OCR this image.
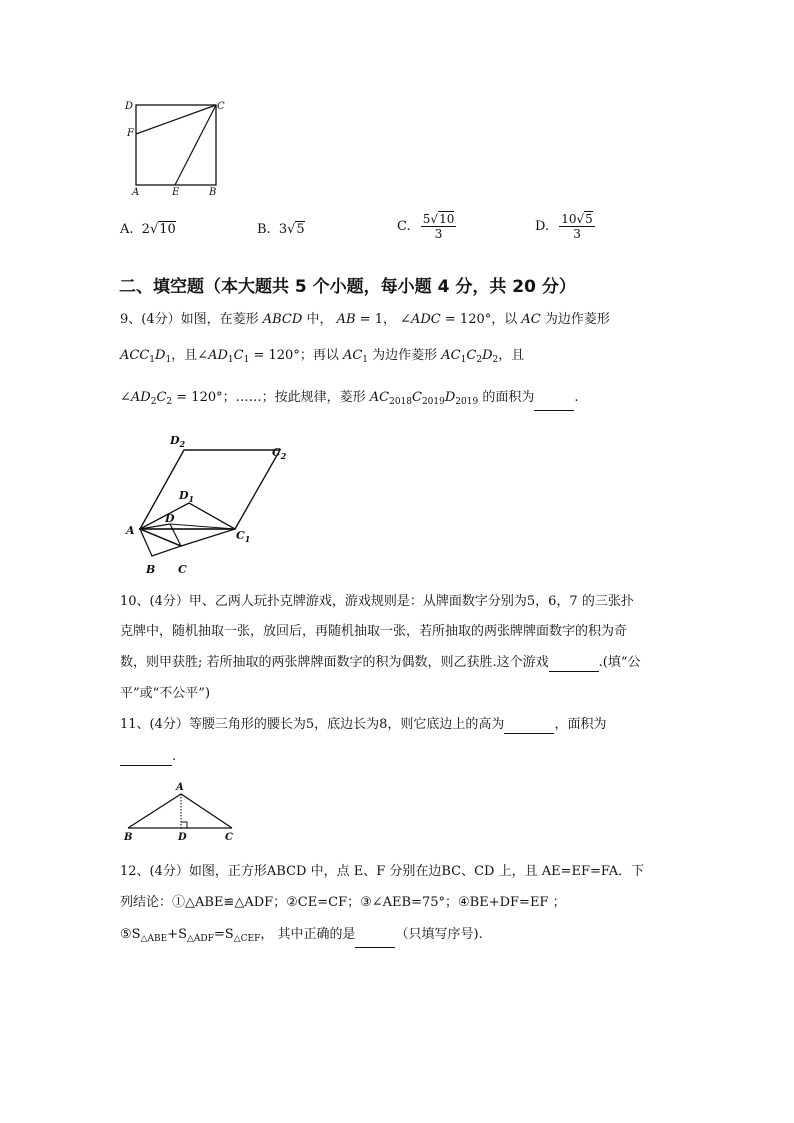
D	C
F
A	E	B
A. 2√10	B. 3√5	C. $\frac{5√10}{3}$	D. $\frac{10√5}{3}$
二、填空题（本大题共 5 个小题，每小题 4 分，共 20 分）
9、(4分）如图，在菱形 ABCD 中， AB = 1， ∠ADC = 120°，以 AC 为边作菱形
$ACC_1D_1$，且$\angle AD_1C_1 = 120^\circ$；再以 $AC_1$ 为边作菱形 $AC_1C_2D_2$，且
$\angle AD_2C_2 = 120^\circ$；……；按此规律，菱形 $AC_{2018}C_{2019}D_{2019}$ 的面积为	.
$D_2$
$C_2$
$D_1$
D
A	$C_1$
B C
10、(4分）甲、乙两人玩扑克牌游戏，游戏规则是：从牌面数字分别为5，6，7 的三张扑
克牌中，随机抽取一张，放回后，再随机抽取一张，若所抽取的两张牌牌面数字的积为奇
数，则甲获胜; 若所抽取的两张牌牌面数字的积为偶数，则乙获胜.这个游戏	.(填“公
平”或“不公平”)
11、(4分）等腰三角形的腰长为5，底边长为8，则它底边上的高为	，面积为
.
A
B	D	C
12、(4分）如图，正方形ABCD 中，点 E、F 分别在边BC、CD 上，且 AE=EF=FA．下
列结论：①△ABE≌△ADF；②CE=CF；③∠AEB=75°；④BE+DF=EF ；
$⑤S_{\triangle ABE}+S_{\triangle ADF}=S_{\triangle CEF}$， 其中正确的是	（只填写序号).
